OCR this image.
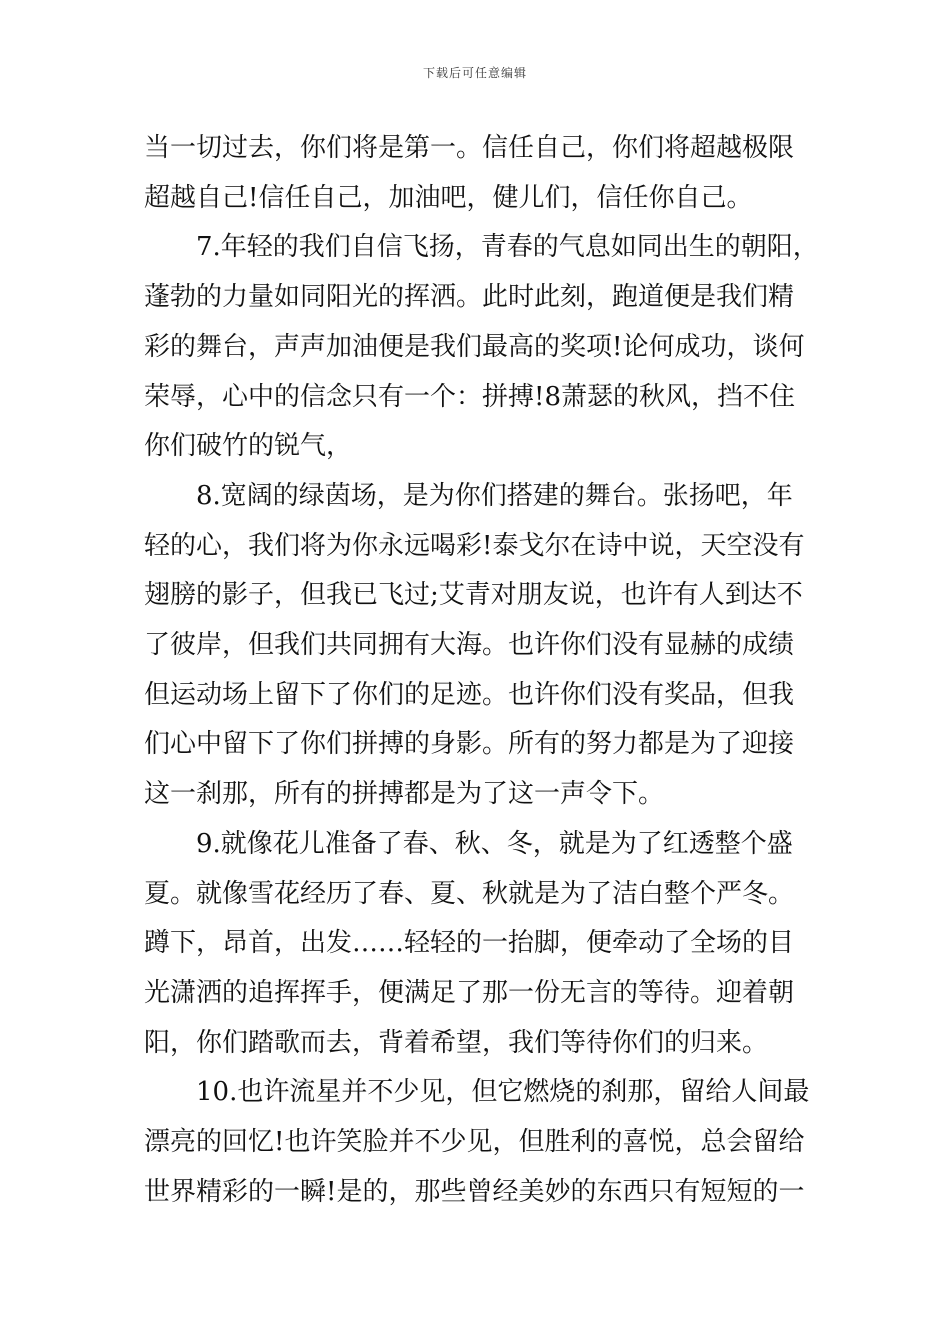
下载后可任意编辑

当一切过去，你们将是第一。信任自己，你们将超越极限
超越自己!信任自己，加油吧，健儿们，信任你自己。

7.年轻的我们自信飞扬，青春的气息如同出生的朝阳，
蓬勃的力量如同阳光的挥洒。此时此刻，跑道便是我们精
彩的舞台，声声加油便是我们最高的奖项!论何成功，谈何
荣辱，心中的信念只有一个：拼搏!8萧瑟的秋风，挡不住
你们破竹的锐气，

8.宽阔的绿茵场，是为你们搭建的舞台。张扬吧，年
轻的心，我们将为你永远喝彩!泰戈尔在诗中说，天空没有
翅膀的影子，但我已飞过;艾青对朋友说，也许有人到达不
了彼岸，但我们共同拥有大海。也许你们没有显赫的成绩
但运动场上留下了你们的足迹。也许你们没有奖品，但我
们心中留下了你们拼搏的身影。所有的努力都是为了迎接
这一刹那，所有的拼搏都是为了这一声令下。

9.就像花儿准备了春、秋、冬，就是为了红透整个盛
夏。就像雪花经历了春、夏、秋就是为了洁白整个严冬。
蹲下，昂首，出发……轻轻的一抬脚，便牵动了全场的目
光潇洒的追挥挥手，便满足了那一份无言的等待。迎着朝
阳，你们踏歌而去，背着希望，我们等待你们的归来。

10.也许流星并不少见，但它燃烧的刹那，留给人间最
漂亮的回忆!也许笑脸并不少见，但胜利的喜悦，总会留给
世界精彩的一瞬!是的，那些曾经美妙的东西只有短短的一
